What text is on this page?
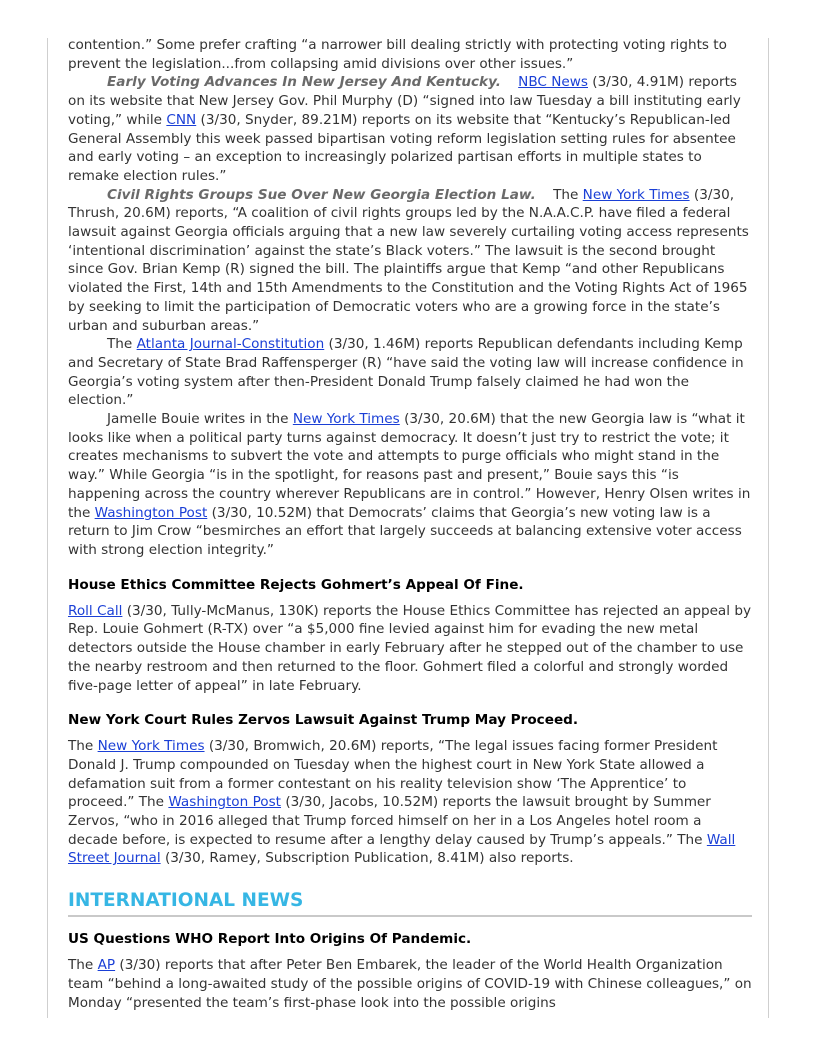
contention.” Some prefer crafting “a narrower bill dealing strictly with protecting voting rights to prevent the legislation...from collapsing amid divisions over other issues.”

Early Voting Advances In New Jersey And Kentucky. NBC News (3/30, 4.91M) reports on its website that New Jersey Gov. Phil Murphy (D) “signed into law Tuesday a bill instituting early voting,” while CNN (3/30, Snyder, 89.21M) reports on its website that “Kentucky’s Republican-led General Assembly this week passed bipartisan voting reform legislation setting rules for absentee and early voting – an exception to increasingly polarized partisan efforts in multiple states to remake election rules.”

Civil Rights Groups Sue Over New Georgia Election Law. The New York Times (3/30, Thrush, 20.6M) reports, “A coalition of civil rights groups led by the N.A.A.C.P. have filed a federal lawsuit against Georgia officials arguing that a new law severely curtailing voting access represents ‘intentional discrimination’ against the state’s Black voters.” The lawsuit is the second brought since Gov. Brian Kemp (R) signed the bill. The plaintiffs argue that Kemp “and other Republicans violated the First, 14th and 15th Amendments to the Constitution and the Voting Rights Act of 1965 by seeking to limit the participation of Democratic voters who are a growing force in the state’s urban and suburban areas.”

The Atlanta Journal-Constitution (3/30, 1.46M) reports Republican defendants including Kemp and Secretary of State Brad Raffensperger (R) “have said the voting law will increase confidence in Georgia’s voting system after then-President Donald Trump falsely claimed he had won the election.”

Jamelle Bouie writes in the New York Times (3/30, 20.6M) that the new Georgia law is “what it looks like when a political party turns against democracy. It doesn’t just try to restrict the vote; it creates mechanisms to subvert the vote and attempts to purge officials who might stand in the way.” While Georgia “is in the spotlight, for reasons past and present,” Bouie says this “is happening across the country wherever Republicans are in control.” However, Henry Olsen writes in the Washington Post (3/30, 10.52M) that Democrats’ claims that Georgia’s new voting law is a return to Jim Crow “besmirches an effort that largely succeeds at balancing extensive voter access with strong election integrity.”

House Ethics Committee Rejects Gohmert’s Appeal Of Fine.

Roll Call (3/30, Tully-McManus, 130K) reports the House Ethics Committee has rejected an appeal by Rep. Louie Gohmert (R-TX) over “a $5,000 fine levied against him for evading the new metal detectors outside the House chamber in early February after he stepped out of the chamber to use the nearby restroom and then returned to the floor. Gohmert filed a colorful and strongly worded five-page letter of appeal” in late February.

New York Court Rules Zervos Lawsuit Against Trump May Proceed.

The New York Times (3/30, Bromwich, 20.6M) reports, “The legal issues facing former President Donald J. Trump compounded on Tuesday when the highest court in New York State allowed a defamation suit from a former contestant on his reality television show ‘The Apprentice’ to proceed.” The Washington Post (3/30, Jacobs, 10.52M) reports the lawsuit brought by Summer Zervos, “who in 2016 alleged that Trump forced himself on her in a Los Angeles hotel room a decade before, is expected to resume after a lengthy delay caused by Trump’s appeals.” The Wall Street Journal (3/30, Ramey, Subscription Publication, 8.41M) also reports.

INTERNATIONAL NEWS
US Questions WHO Report Into Origins Of Pandemic.

The AP (3/30) reports that after Peter Ben Embarek, the leader of the World Health Organization team “behind a long-awaited study of the possible origins of COVID-19 with Chinese colleagues,” on Monday “presented the team’s first-phase look into the possible origins
